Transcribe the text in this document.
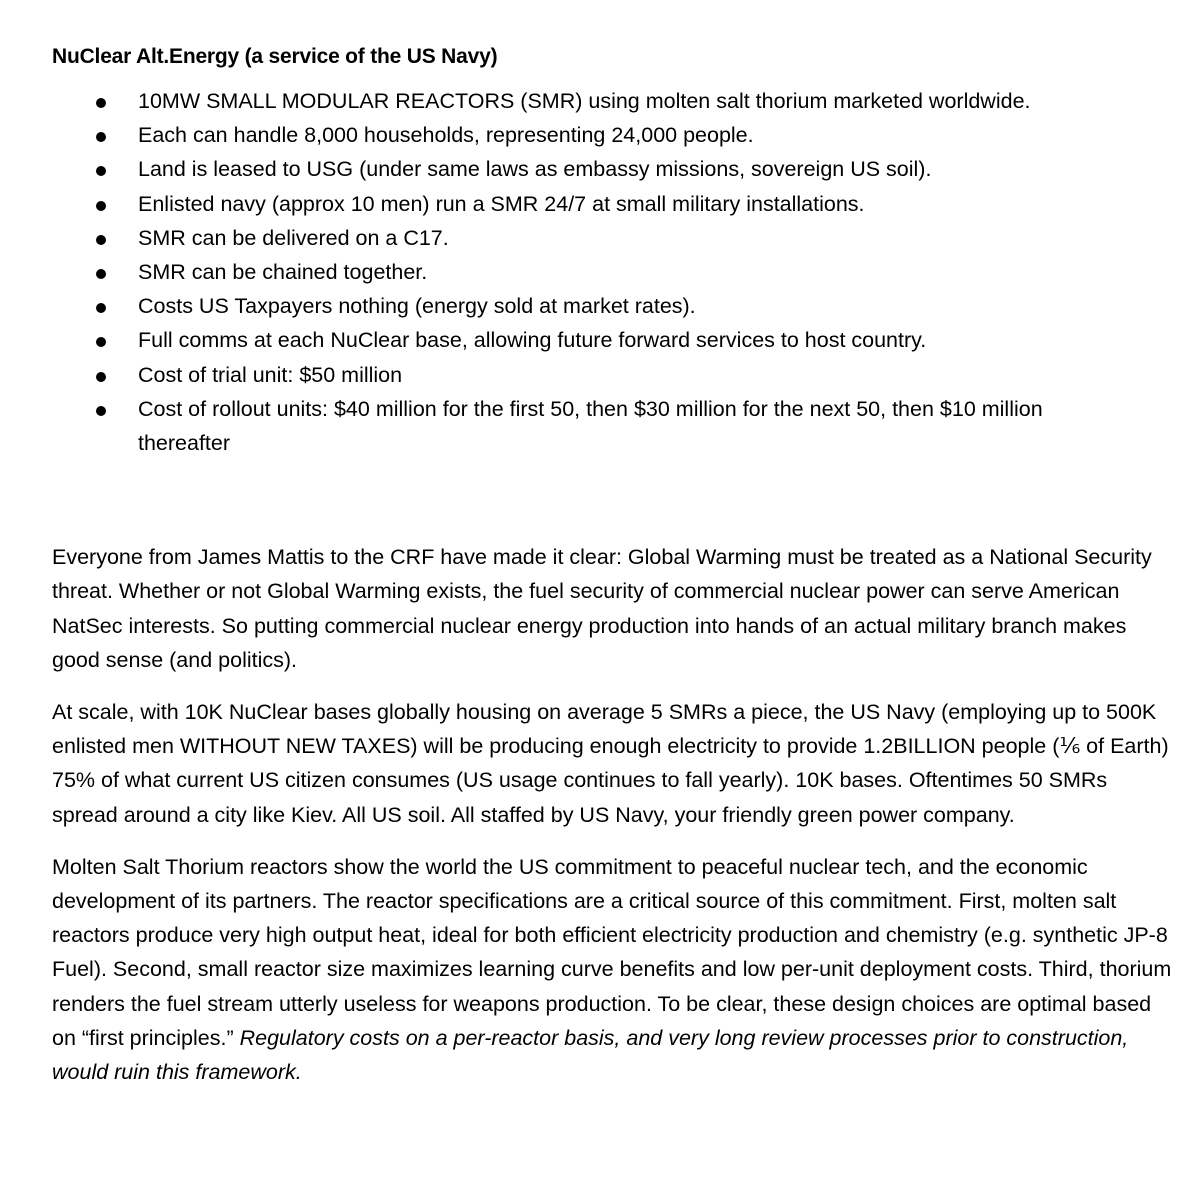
NuClear Alt.Energy (a service of the US Navy)
10MW SMALL MODULAR REACTORS (SMR) using molten salt thorium marketed worldwide.
Each can handle 8,000 households, representing 24,000 people.
Land is leased to USG (under same laws as embassy missions, sovereign US soil).
Enlisted navy (approx 10 men) run a SMR 24/7 at small military installations.
SMR can be delivered on a C17.
SMR can be chained together.
Costs US Taxpayers nothing (energy sold at market rates).
Full comms at each NuClear base, allowing future forward services to host country.
Cost of trial unit: $50 million
Cost of rollout units: $40 million for the first 50, then $30 million for the next 50, then $10 million thereafter

Everyone from James Mattis to the CRF have made it clear: Global Warming must be treated as a National Security threat. Whether or not Global Warming exists, the fuel security of commercial nuclear power can serve American NatSec interests. So putting commercial nuclear energy production into hands of an actual military branch makes good sense (and politics).

At scale, with 10K NuClear bases globally housing on average 5 SMRs a piece, the US Navy (employing up to 500K enlisted men WITHOUT NEW TAXES) will be producing enough electricity to provide 1.2BILLION people (⅙ of Earth) 75% of what current US citizen consumes (US usage continues to fall yearly). 10K bases. Oftentimes 50 SMRs spread around a city like Kiev. All US soil. All staffed by US Navy, your friendly green power company.

Molten Salt Thorium reactors show the world the US commitment to peaceful nuclear tech, and the economic development of its partners. The reactor specifications are a critical source of this commitment. First, molten salt reactors produce very high output heat, ideal for both efficient electricity production and chemistry (e.g. synthetic JP-8 Fuel). Second, small reactor size maximizes learning curve benefits and low per-unit deployment costs. Third, thorium renders the fuel stream utterly useless for weapons production. To be clear, these design choices are optimal based on “first principles.” Regulatory costs on a per-reactor basis, and very long review processes prior to construction, would ruin this framework.
